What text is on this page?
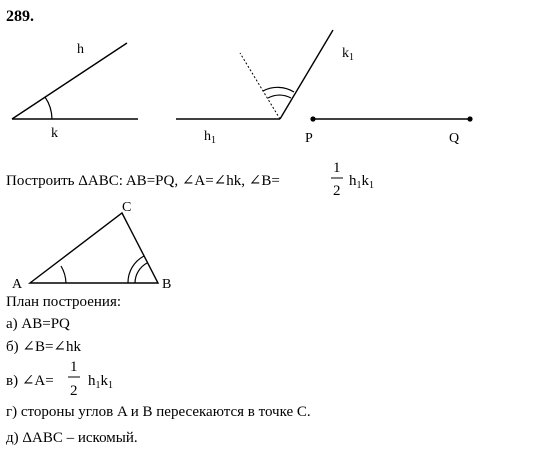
289.
h
k	$h_1$
$k_1$
P	Q
Построить ΔABC: AB=PQ, ∠A=∠hk, ∠B=
1
2
$h_1k_1$
A	B
C
План построения:
а) AB=PQ
б) ∠B=∠hk
в) ∠A=
1
2
$h_1k_1$
г) стороны углов A и B пересекаются в точке C.
д) ΔABC – искомый.
